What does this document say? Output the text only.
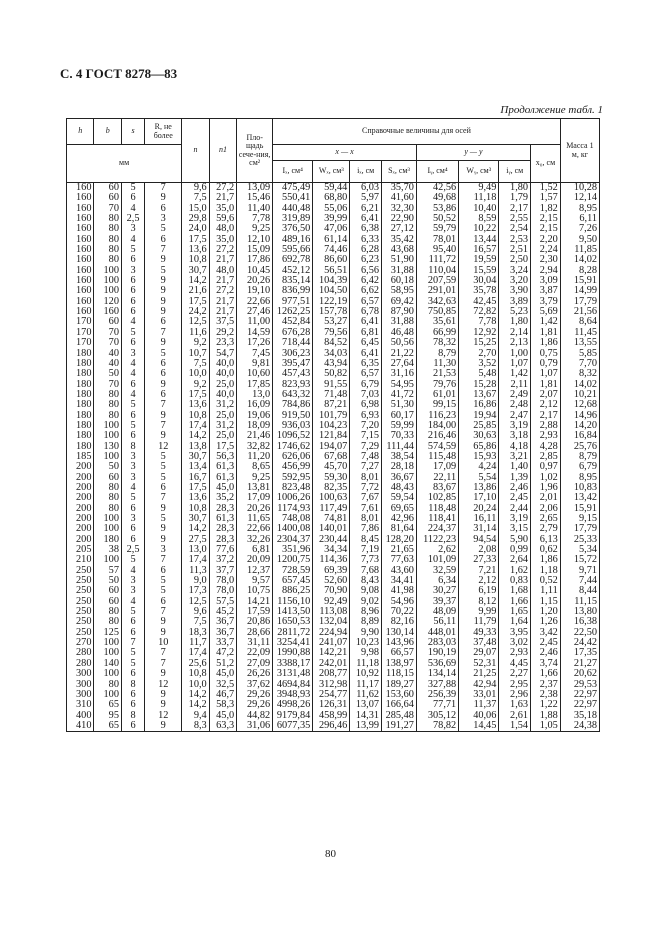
С. 4 ГОСТ 8278—83
Продолжение табл. 1
h	b	s	R, не более	n	n1	Пло-щадь сече-ния, см²	Справочные величины для осей								Масса 1 м, кг
мм							x — x				y — y			x₀, см	
							Iₓ, см⁴	Wₓ, см³	iₓ, см	Sₓ, см³	Iᵧ, см⁴	Wᵧ, см³	iᵧ, см		
160	60	5	7	9,6	27,2	13,09	475,49	59,44	6,03	35,70	42,56	9,49	1,80	1,52	10,28
160	60	6	9	7,5	21,7	15,46	550,41	68,80	5,97	41,60	49,68	11,18	1,79	1,57	12,14
160	70	4	6	15,0	35,0	11,40	440,48	55,06	6,21	32,30	53,86	10,40	2,17	1,82	8,95
160	80	2,5	3	29,8	59,6	7,78	319,89	39,99	6,41	22,90	50,52	8,59	2,55	2,15	6,11
160	80	3	5	24,0	48,0	9,25	376,50	47,06	6,38	27,12	59,79	10,22	2,54	2,15	7,26
160	80	4	6	17,5	35,0	12,10	489,16	61,14	6,33	35,42	78,01	13,44	2,53	2,20	9,50
160	80	5	7	13,6	27,2	15,09	595,66	74,46	6,28	43,68	95,40	16,57	2,51	2,24	11,85
160	80	6	9	10,8	21,7	17,86	692,78	86,60	6,23	51,90	111,72	19,59	2,50	2,30	14,02
160	100	3	5	30,7	48,0	10,45	452,12	56,51	6,56	31,88	110,04	15,59	3,24	2,94	8,28
160	100	6	9	14,2	21,7	20,26	835,14	104,39	6,42	60,18	207,59	30,04	3,20	3,09	15,91
160	100	6	9	21,6	27,2	19,10	836,99	104,50	6,62	58,95	291,01	35,78	3,90	3,87	14,99
160	120	6	9	17,5	21,7	22,66	977,51	122,19	6,57	69,42	342,63	42,45	3,89	3,79	17,79
160	160	6	9	24,2	21,7	27,46	1262,25	157,78	6,78	87,90	750,85	72,82	5,23	5,69	21,56
170	60	4	6	12,5	37,5	11,00	452,84	53,27	6,41	31,88	35,61	7,78	1,80	1,42	8,64
170	70	5	7	11,6	29,2	14,59	676,28	79,56	6,81	46,48	66,99	12,92	2,14	1,81	11,45
170	70	6	9	9,2	23,3	17,26	718,44	84,52	6,45	50,56	78,32	15,25	2,13	1,86	13,55
180	40	3	5	10,7	54,7	7,45	306,23	34,03	6,41	21,22	8,79	2,70	1,00	0,75	5,85
180	40	4	6	7,5	40,0	9,81	395,47	43,94	6,35	27,64	11,30	3,52	1,07	0,79	7,70
180	50	4	6	10,0	40,0	10,60	457,43	50,82	6,57	31,16	21,53	5,48	1,42	1,07	8,32
180	70	6	9	9,2	25,0	17,85	823,93	91,55	6,79	54,95	79,76	15,28	2,11	1,81	14,02
180	80	4	6	17,5	40,0	13,0	643,32	71,48	7,03	41,72	61,01	13,67	2,49	2,07	10,21
180	80	5	7	13,6	31,2	16,09	784,86	87,21	6,98	51,30	99,15	16,86	2,48	2,12	12,68
180	80	6	9	10,8	25,0	19,06	919,50	101,79	6,93	60,17	116,23	19,94	2,47	2,17	14,96
180	100	5	7	17,4	31,2	18,09	936,03	104,23	7,20	59,99	184,00	25,85	3,19	2,88	14,20
180	100	6	9	14,2	25,0	21,46	1096,52	121,84	7,15	70,33	216,46	30,63	3,18	2,93	16,84
180	130	8	12	13,8	17,5	32,82	1746,62	194,07	7,29	111,44	574,59	65,86	4,18	4,28	25,76
185	100	3	5	30,7	56,3	11,20	626,06	67,68	7,48	38,54	115,48	15,93	3,21	2,85	8,79
200	50	3	5	13,4	61,3	8,65	456,99	45,70	7,27	28,18	17,09	4,24	1,40	0,97	6,79
200	60	3	5	16,7	61,3	9,25	592,95	59,30	8,01	36,67	22,11	5,54	1,39	1,02	8,95
200	80	4	6	17,5	45,0	13,81	823,48	82,35	7,72	48,43	83,67	13,86	2,46	1,96	10,83
200	80	5	7	13,6	35,2	17,09	1006,26	100,63	7,67	59,54	102,85	17,10	2,45	2,01	13,42
200	80	6	9	10,8	28,3	20,26	1174,93	117,49	7,61	69,65	118,48	20,24	2,44	2,06	15,91
200	100	3	5	30,7	61,3	11,65	748,08	74,81	8,01	42,96	118,41	16,11	3,19	2,65	9,15
200	100	6	9	14,2	28,3	22,66	1400,08	140,01	7,86	81,64	224,37	31,14	3,15	2,79	17,79
200	180	6	9	27,5	28,3	32,26	2304,37	230,44	8,45	128,20	1122,23	94,54	5,90	6,13	25,33
205	38	2,5	3	13,0	77,6	6,81	351,96	34,34	7,19	21,65	2,62	2,08	0,99	0,62	5,34
210	100	5	7	17,4	37,2	20,09	1200,75	114,36	7,73	77,63	101,09	27,33	2,64	1,86	15,72
250	57	4	6	11,3	37,7	12,37	728,59	69,39	7,68	43,60	32,59	7,21	1,62	1,18	9,71
250	50	3	5	9,0	78,0	9,57	657,45	52,60	8,43	34,41	6,34	2,12	0,83	0,52	7,44
250	60	3	5	17,3	78,0	10,75	886,25	70,90	9,08	41,98	30,27	6,19	1,68	1,11	8,44
250	60	4	6	12,5	57,5	14,21	1156,10	92,49	9,02	54,96	39,37	8,12	1,66	1,15	11,15
250	80	5	7	9,6	45,2	17,59	1413,50	113,08	8,96	70,22	48,09	9,99	1,65	1,20	13,80
250	80	6	9	7,5	36,7	20,86	1650,53	132,04	8,89	82,16	56,11	11,79	1,64	1,26	16,38
250	125	6	9	18,3	36,7	28,66	2811,72	224,94	9,90	130,14	448,01	49,33	3,95	3,42	22,50
270	100	7	10	11,7	33,7	31,11	3254,41	241,07	10,23	143,96	283,03	37,48	3,02	2,45	24,42
280	100	5	7	17,4	47,2	22,09	1990,88	142,21	9,98	66,57	190,19	29,07	2,93	2,46	17,35
280	140	5	7	25,6	51,2	27,09	3388,17	242,01	11,18	138,97	536,69	52,31	4,45	3,74	21,27
300	100	6	9	10,8	45,0	26,26	3131,48	208,77	10,92	118,15	134,14	21,25	2,27	1,66	20,62
300	80	8	12	10,0	32,5	37,62	4694,84	312,98	11,17	189,27	327,88	42,94	2,95	2,37	29,53
300	100	6	9	14,2	46,7	29,26	3948,93	254,77	11,62	153,60	256,39	33,01	2,96	2,38	22,97
310	65	6	9	14,2	58,3	29,26	4998,26	126,31	13,07	166,64	77,71	11,37	1,63	1,22	22,97
400	95	8	12	9,4	45,0	44,82	9179,84	458,99	14,31	285,48	305,12	40,06	2,61	1,88	35,18
410	65	6	9	8,3	63,3	31,06	6077,35	296,46	13,99	191,27	78,82	14,45	1,54	1,05	24,38
80
